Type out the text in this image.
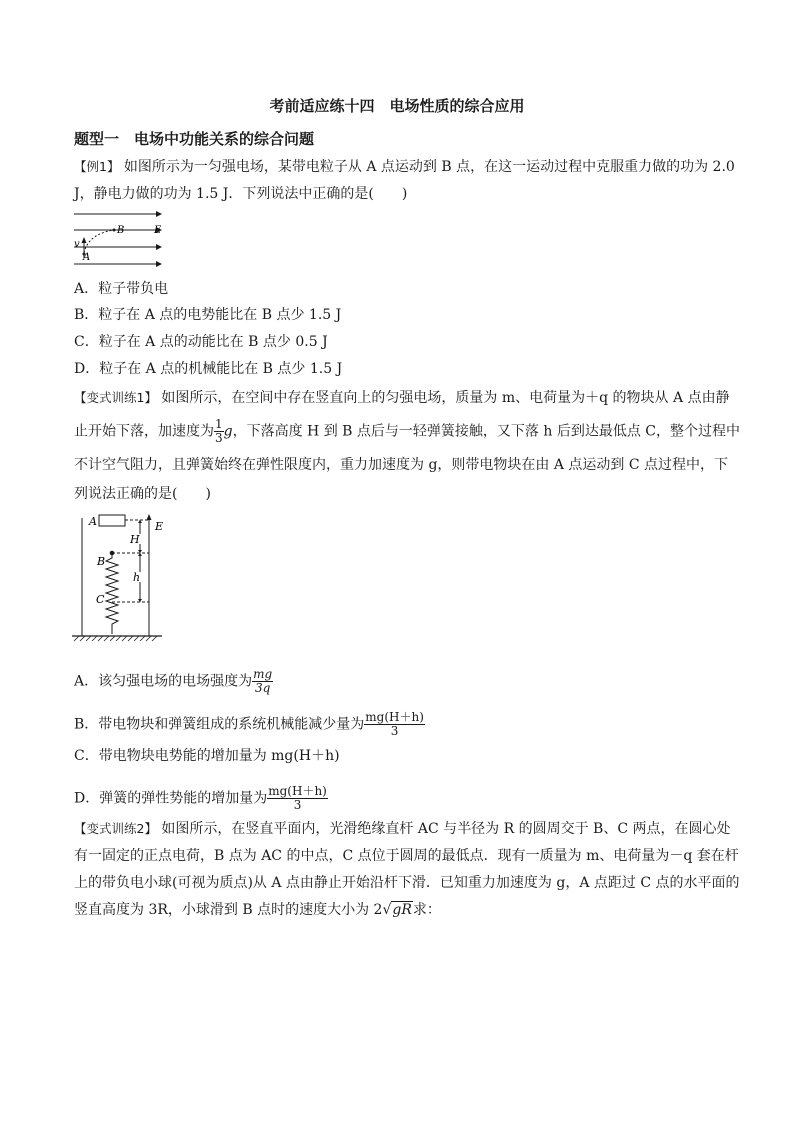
考前适应练十四　电场性质的综合应用
题型一　电场中功能关系的综合问题
【例1】 如图所示为一匀强电场，某带电粒子从 A 点运动到 B 点，在这一运动过程中克服重力做的功为 2.0
J，静电力做的功为 1.5 J．下列说法中正确的是(　　)
v
B	E
A
A．粒子带负电
B．粒子在 A 点的电势能比在 B 点少 1.5 J
C．粒子在 A 点的动能比在 B 点少 0.5 J
D．粒子在 A 点的机械能比在 B 点少 1.5 J
【变式训练1】 如图所示，在空间中存在竖直向上的匀强电场，质量为 m、电荷量为＋q 的物块从 A 点由静
止开始下落，加速度为 $\frac{1}{3}$ g，下落高度 H 到 B 点后与一轻弹簧接触，又下落 h 后到达最低点 C，整个过程中
不计空气阻力，且弹簧始终在弹性限度内，重力加速度为 g，则带电物块在由 A 点运动到 C 点过程中，下
列说法正确的是(　　)
A	E
H
B
h
C
A．该匀强电场的电场强度为 $\frac{mg}{3q}$
B．带电物块和弹簧组成的系统机械能减少量为 $\frac{mg(H+h)}{3}$
C．带电物块电势能的增加量为 mg(H＋h)
D．弹簧的弹性势能的增加量为 $\frac{mg(H+h)}{3}$
【变式训练2】 如图所示，在竖直平面内，光滑绝缘直杆 AC 与半径为 R 的圆周交于 B、C 两点，在圆心处
有一固定的正点电荷，B 点为 AC 的中点，C 点位于圆周的最低点．现有一质量为 m、电荷量为－q 套在杆
上的带负电小球(可视为质点)从 A 点由静止开始沿杆下滑．已知重力加速度为 g，A 点距过 C 点的水平面的
竖直高度为 3R，小球滑到 B 点时的速度大小为 2√gR求：
